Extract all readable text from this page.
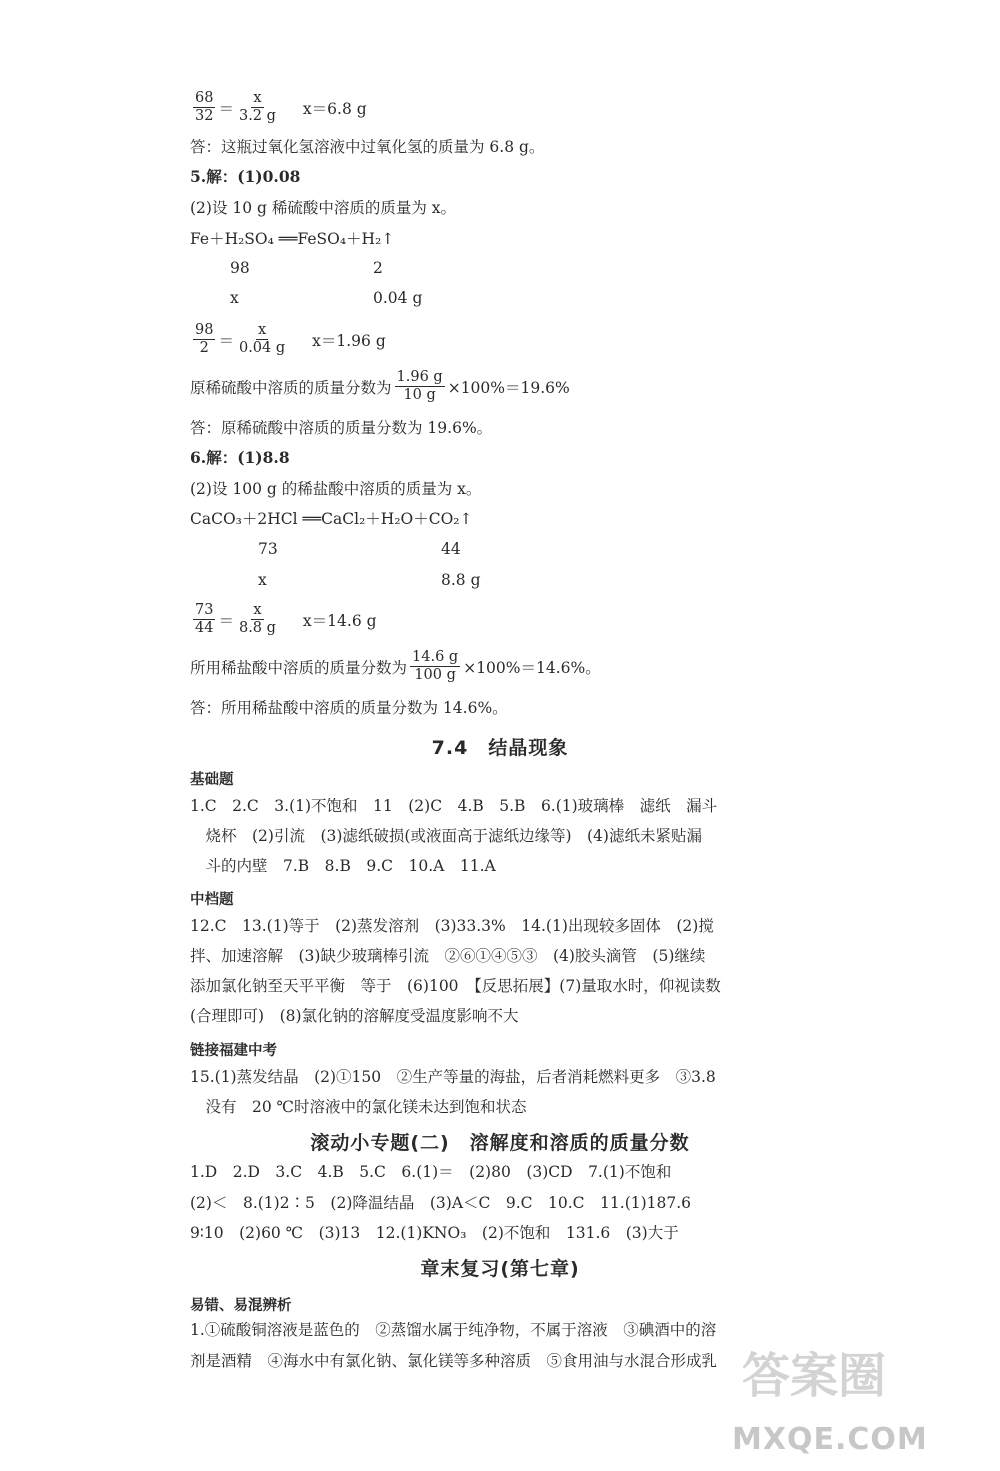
$\frac{68}{32} = \frac{x}{3.2 g} x=6.8$ g
答：这瓶过氧化氢溶液中过氧化氢的质量为 6.8 g。
5.解：(1)0.08
(2)设 10 g 稀硫酸中溶质的质量为 x。
Fe＋H₂SO₄ ══FeSO₄＋H₂↑
98	2
x	0.04 g
$\frac{98}{2} = \frac{x}{0.04 g} x=1.96$ g
原稀硫酸中溶质的质量分数为 $\frac{1.96 g}{10 g} \times 100\%=19.6\%$
答：原稀硫酸中溶质的质量分数为 19.6%。
6.解：(1)8.8
(2)设 100 g 的稀盐酸中溶质的质量为 x。
CaCO₃＋2HCl ══CaCl₂＋H₂O＋CO₂↑
73	44
x	8.8 g
$\frac{73}{44} = \frac{x}{8.8 g} x=14.6$ g
所用稀盐酸中溶质的质量分数为 $\frac{14.6 g}{100 g} \times 100\%=14.6\%$。
答：所用稀盐酸中溶质的质量分数为 14.6%。
7.4　结晶现象
基础题
1.C　2.C　3.(1)不饱和　11　(2)C　4.B　5.B　6.(1)玻璃棒　滤纸　漏斗
　烧杯　(2)引流　(3)滤纸破损(或液面高于滤纸边缘等)　(4)滤纸未紧贴漏
　斗的内壁　7.B　8.B　9.C　10.A　11.A
中档题
12.C　13.(1)等于　(2)蒸发溶剂　(3)33.3%　14.(1)出现较多固体　(2)搅
拌、加速溶解　(3)缺少玻璃棒引流　②⑥①④⑤③　(4)胶头滴管　(5)继续
添加氯化钠至天平平衡　等于　(6)100　【反思拓展】(7)量取水时，仰视读数
(合理即可)　(8)氯化钠的溶解度受温度影响不大
链接福建中考
15.(1)蒸发结晶　(2)①150　②生产等量的海盐，后者消耗燃料更多　③3.8
　没有　20 ℃时溶液中的氯化镁未达到饱和状态
滚动小专题(二)　溶解度和溶质的质量分数
1.D　2.D　3.C　4.B　5.C　6.(1)＝　(2)80　(3)CD　7.(1)不饱和
(2)＜　8.(1)2∶5　(2)降温结晶　(3)A＜C　9.C　10.C　11.(1)187.6
9∶10　(2)60 ℃　(3)13　12.(1)KNO₃　(2)不饱和　131.6　(3)大于
章末复习(第七章)
易错、易混辨析
1.①硫酸铜溶液是蓝色的　②蒸馏水属于纯净物，不属于溶液　③碘酒中的溶
剂是酒精　④海水中有氯化钠、氯化镁等多种溶质　⑤食用油与水混合形成乳 答案圈
MXQE.COM
